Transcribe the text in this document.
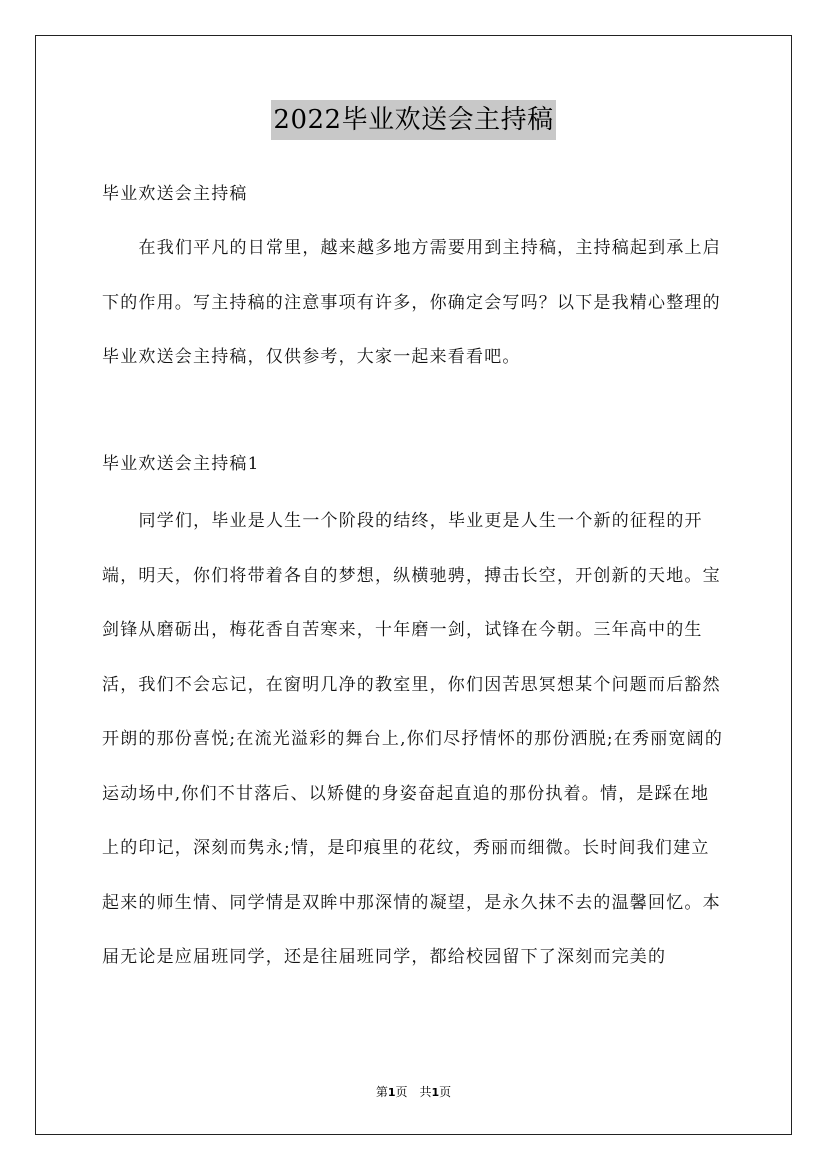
2022毕业欢送会主持稿

毕业欢送会主持稿

在我们平凡的日常里，越来越多地方需要用到主持稿，主持稿起到承上启下的作用。写主持稿的注意事项有许多，你确定会写吗？以下是我精心整理的毕业欢送会主持稿，仅供参考，大家一起来看看吧。

毕业欢送会主持稿1

同学们，毕业是人生一个阶段的结终，毕业更是人生一个新的征程的开端，明天，你们将带着各自的梦想，纵横驰骋，搏击长空，开创新的天地。宝剑锋从磨砺出，梅花香自苦寒来，十年磨一剑，试锋在今朝。三年高中的生活，我们不会忘记，在窗明几净的教室里，你们因苦思冥想某个问题而后豁然开朗的那份喜悦;在流光溢彩的舞台上,你们尽抒情怀的那份洒脱;在秀丽宽阔的运动场中,你们不甘落后、以矫健的身姿奋起直追的那份执着。情，是踩在地上的印记，深刻而隽永;情，是印痕里的花纹，秀丽而细微。长时间我们建立起来的师生情、同学情是双眸中那深情的凝望，是永久抹不去的温馨回忆。本届无论是应届班同学，还是往届班同学，都给校园留下了深刻而完美的

第1页　共1页
